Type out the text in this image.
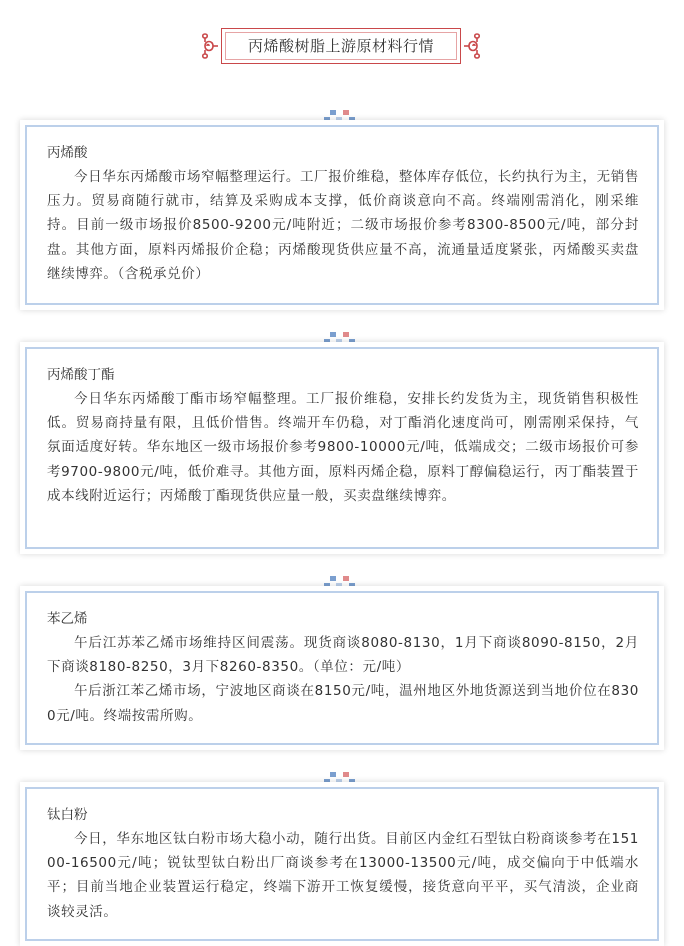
丙烯酸树脂上游原材料行情

丙烯酸

今日华东丙烯酸市场窄幅整理运行。工厂报价维稳，整体库存低位，长约执行为主，无销售压力。贸易商随行就市，结算及采购成本支撑，低价商谈意向不高。终端刚需消化，刚采维持。目前一级市场报价8500-9200元/吨附近；二级市场报价参考8300-8500元/吨，部分封盘。其他方面，原料丙烯报价企稳；丙烯酸现货供应量不高，流通量适度紧张，丙烯酸买卖盘继续博弈。（含税承兑价）

丙烯酸丁酯

今日华东丙烯酸丁酯市场窄幅整理。工厂报价维稳，安排长约发货为主，现货销售积极性低。贸易商持量有限，且低价惜售。终端开车仍稳，对丁酯消化速度尚可，刚需刚采保持，气氛面适度好转。华东地区一级市场报价参考9800-10000元/吨，低端成交；二级市场报价可参考9700-9800元/吨，低价难寻。其他方面，原料丙烯企稳，原料丁醇偏稳运行，丙丁酯装置于成本线附近运行；丙烯酸丁酯现货供应量一般，买卖盘继续博弈。

苯乙烯

午后江苏苯乙烯市场维持区间震荡。现货商谈8080-8130，1月下商谈8090-8150，2月下商谈8180-8250，3月下8260-8350。（单位：元/吨）

午后浙江苯乙烯市场，宁波地区商谈在8150元/吨，温州地区外地货源送到当地价位在8300元/吨。终端按需所购。

钛白粉

今日，华东地区钛白粉市场大稳小动，随行出货。目前区内金红石型钛白粉商谈参考在15100-16500元/吨；锐钛型钛白粉出厂商谈参考在13000-13500元/吨，成交偏向于中低端水平；目前当地企业装置运行稳定，终端下游开工恢复缓慢，接货意向平平，买气清淡，企业商谈较灵活。
